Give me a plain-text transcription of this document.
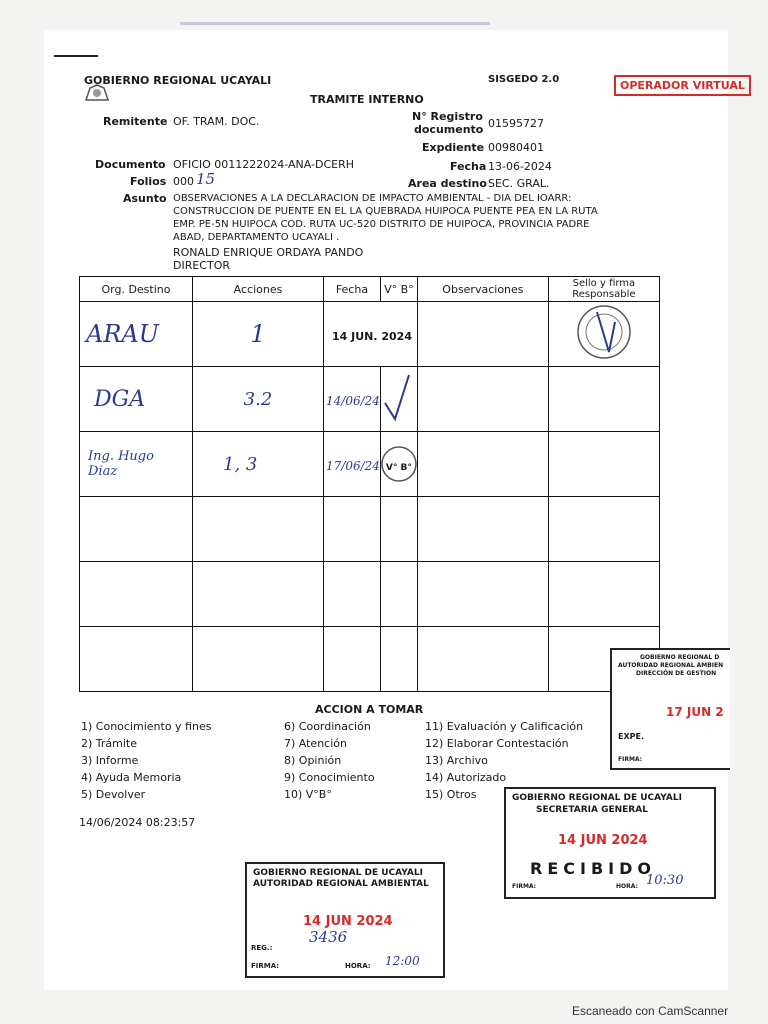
GOBIERNO REGIONAL UCAYALI	SISGEDO 2.0	OPERADOR VIRTUAL
TRAMITE INTERNO
Remitente OF. TRAM. DOC.	N° Registro
documento 01595727
Expdiente 00980401
Documento OFICIO 0011222024-ANA-DCERH	Fecha 13-06-2024
Folios 000 15	Area destino SEC. GRAL.
Asunto OBSERVACIONES A LA DECLARACION DE IMPACTO AMBIENTAL - DIA DEL IOARR:
CONSTRUCCION DE PUENTE EN EL LA QUEBRADA HUIPOCA PUENTE PEA EN LA RUTA
EMP. PE-5N HUIPOCA COD. RUTA UC-520 DISTRITO DE HUIPOCA, PROVINCIA PADRE
ABAD, DEPARTAMENTO UCAYALI .
RONALD ENRIQUE ORDAYA PANDO
DIRECTOR
Org. Destino	Acciones	Fecha	V° B°	Observaciones	Sello y firma Responsable
ARAU	1	14 JUN. 2024		
DGA	3.2	14/06/24			

Ing. Hugo Diaz	1, 3	17/06/24	V° B°		

ACCION A TOMAR
1) Conocimiento y fines
2) Trámite
3) Informe
4) Ayuda Memoria
5) Devolver
6) Coordinación
7) Atención
8) Opinión
9) Conocimiento
10) V°B°
11) Evaluación y Calificación
12) Elaborar Contestación
13) Archivo
14) Autorizado
15) Otros
14/06/2024 08:23:57
GOBIERNO REGIONAL D
AUTORIDAD REGIONAL AMBIEN
DIRECCIÓN DE GESTION
17 JUN 2
EXPE.
FIRMA:
GOBIERNO REGIONAL DE UCAYALI
SECRETARIA GENERAL
14 JUN 2024
RECIBIDO
FIRMA:	HORA: 10:30
GOBIERNO REGIONAL DE UCAYALI
AUTORIDAD REGIONAL AMBIENTAL
14 JUN 2024
3436
REG.:
FIRMA:	HORA: 12:00
Escaneado con CamScanner
